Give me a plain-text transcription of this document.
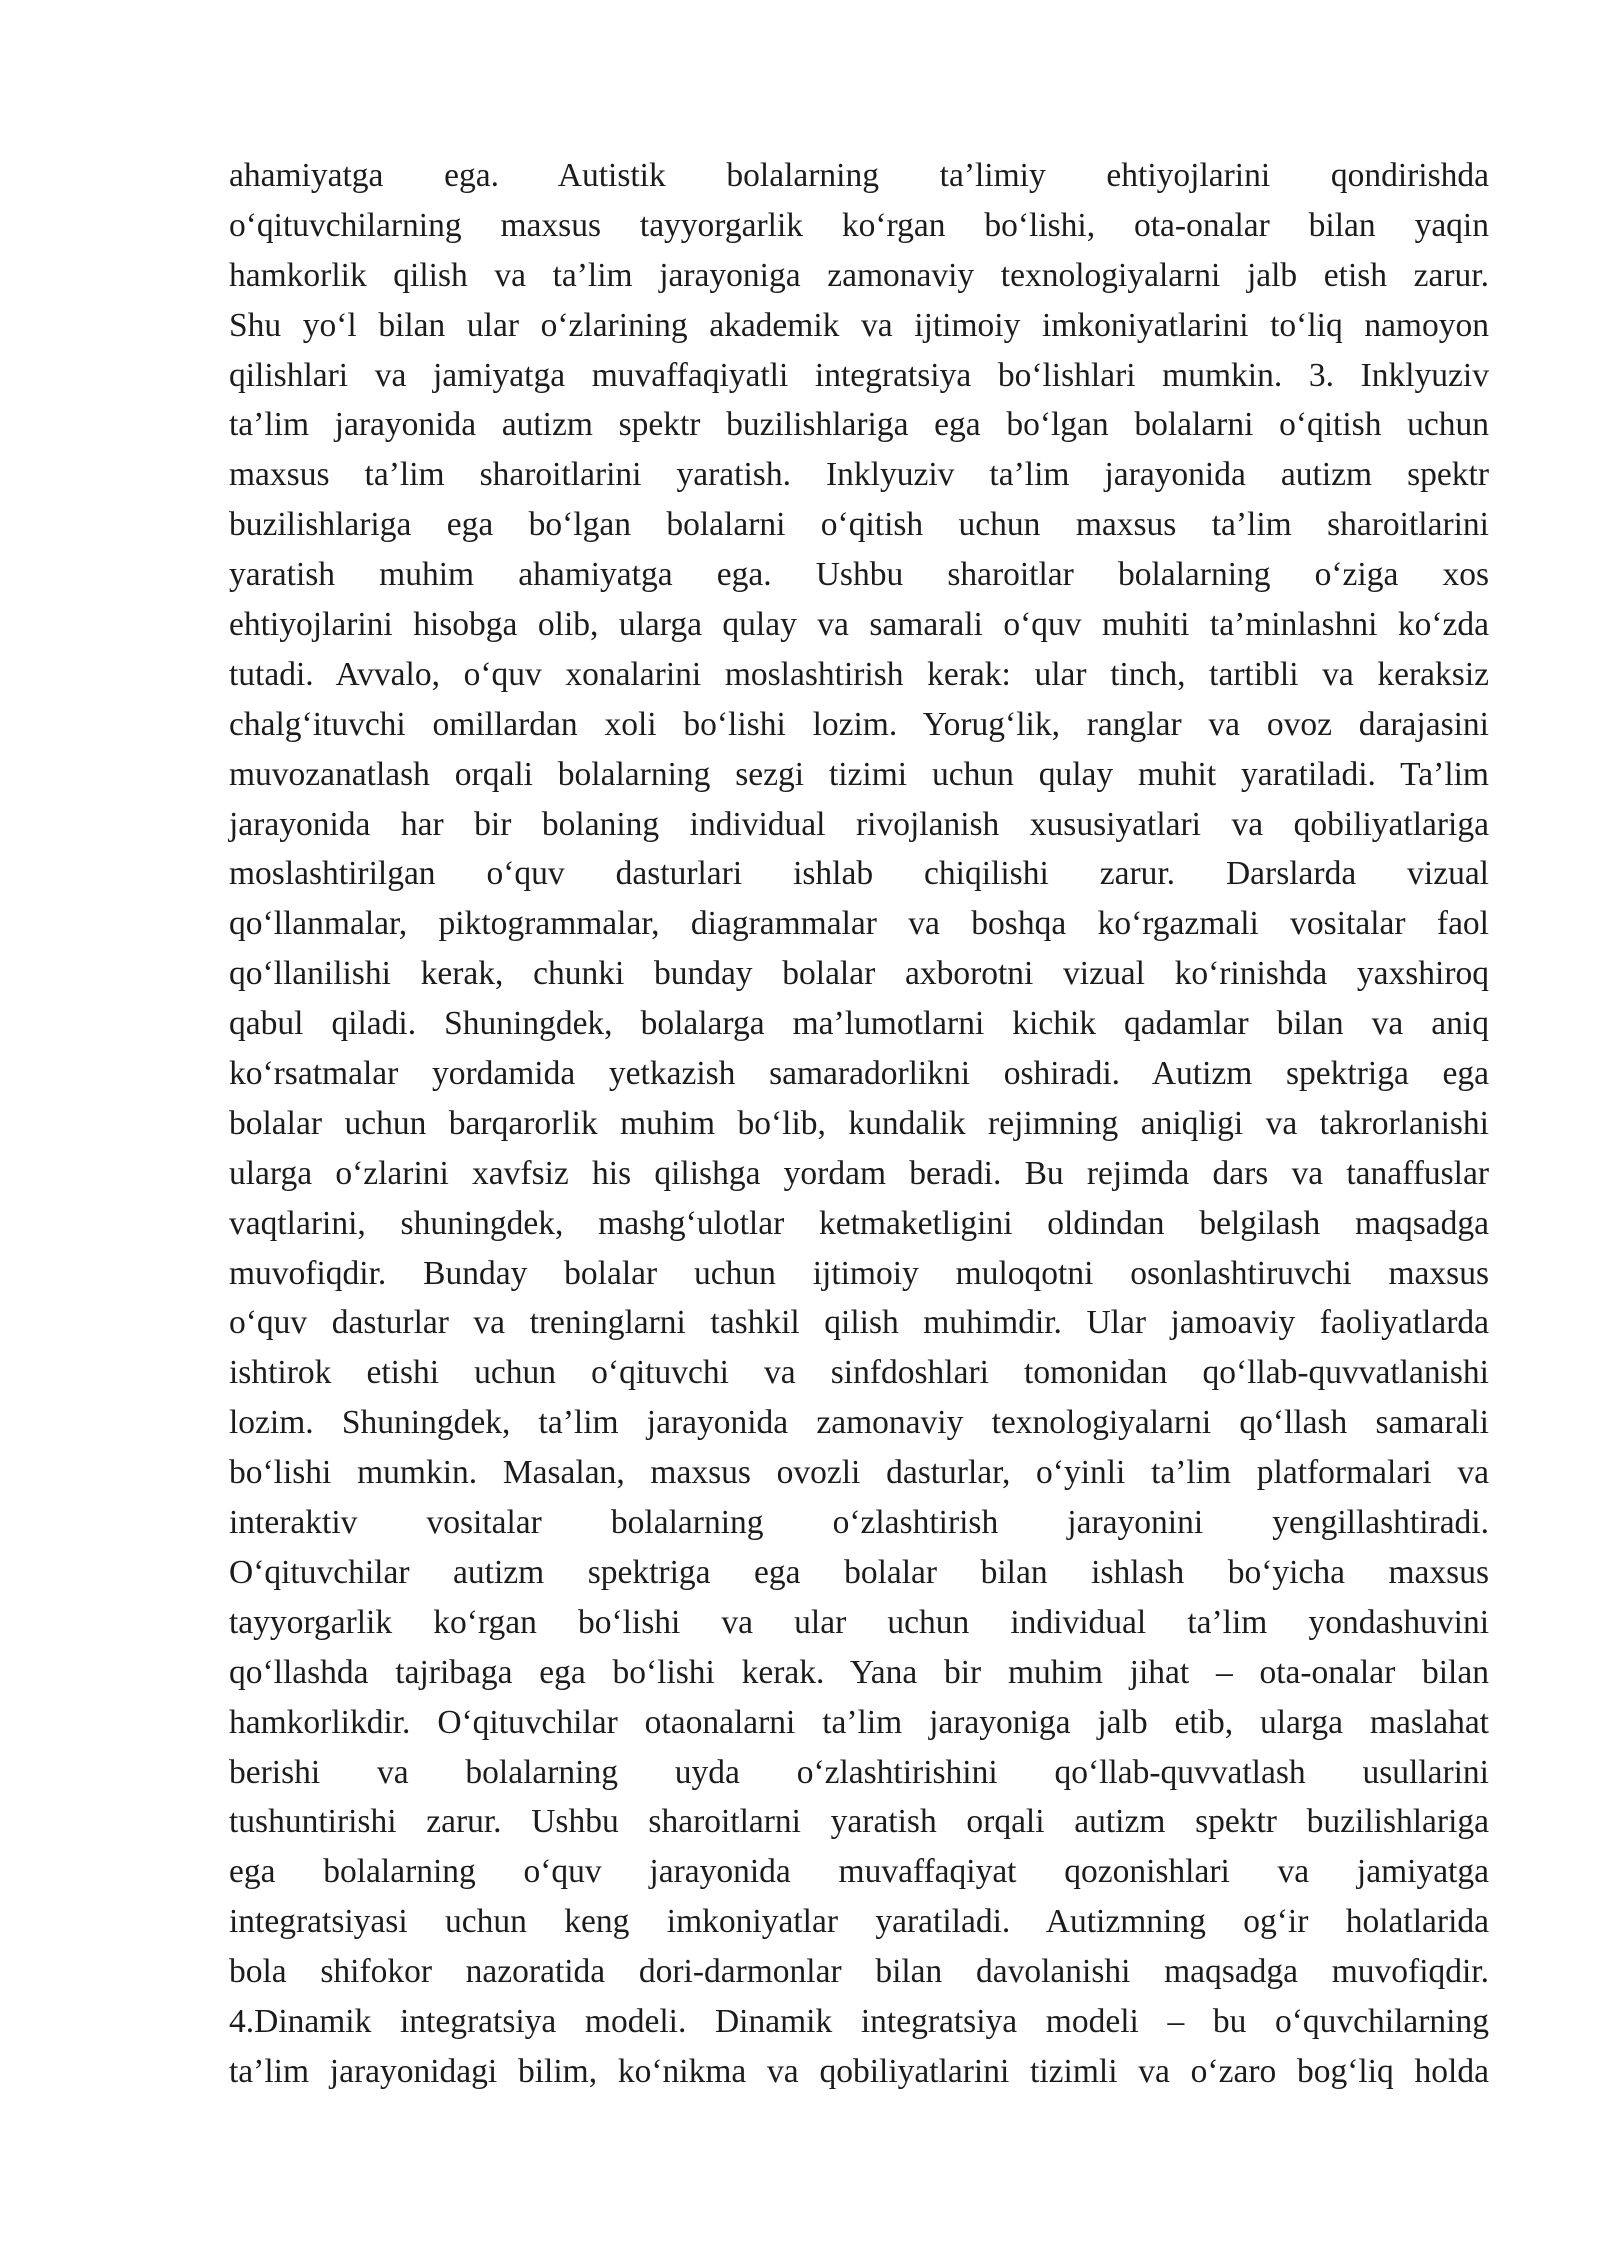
ahamiyatga ega. Autistik bolalarning ta’limiy ehtiyojlarini qondirishda
o‘qituvchilarning maxsus tayyorgarlik ko‘rgan bo‘lishi, ota-onalar bilan yaqin
hamkorlik qilish va ta’lim jarayoniga zamonaviy texnologiyalarni jalb etish zarur.
Shu yo‘l bilan ular o‘zlarining akademik va ijtimoiy imkoniyatlarini to‘liq namoyon
qilishlari va jamiyatga muvaffaqiyatli integratsiya bo‘lishlari mumkin. 3. Inklyuziv
ta’lim jarayonida autizm spektr buzilishlariga ega bo‘lgan bolalarni o‘qitish uchun
maxsus ta’lim sharoitlarini yaratish. Inklyuziv ta’lim jarayonida autizm spektr
buzilishlariga ega bo‘lgan bolalarni o‘qitish uchun maxsus ta’lim sharoitlarini
yaratish muhim ahamiyatga ega. Ushbu sharoitlar bolalarning o‘ziga xos
ehtiyojlarini hisobga olib, ularga qulay va samarali o‘quv muhiti ta’minlashni ko‘zda
tutadi. Avvalo, o‘quv xonalarini moslashtirish kerak: ular tinch, tartibli va keraksiz
chalg‘ituvchi omillardan xoli bo‘lishi lozim. Yorug‘lik, ranglar va ovoz darajasini
muvozanatlash orqali bolalarning sezgi tizimi uchun qulay muhit yaratiladi. Ta’lim
jarayonida har bir bolaning individual rivojlanish xususiyatlari va qobiliyatlariga
moslashtirilgan o‘quv dasturlari ishlab chiqilishi zarur. Darslarda vizual
qo‘llanmalar, piktogrammalar, diagrammalar va boshqa ko‘rgazmali vositalar faol
qo‘llanilishi kerak, chunki bunday bolalar axborotni vizual ko‘rinishda yaxshiroq
qabul qiladi. Shuningdek, bolalarga ma’lumotlarni kichik qadamlar bilan va aniq
ko‘rsatmalar yordamida yetkazish samaradorlikni oshiradi. Autizm spektriga ega
bolalar uchun barqarorlik muhim bo‘lib, kundalik rejimning aniqligi va takrorlanishi
ularga o‘zlarini xavfsiz his qilishga yordam beradi. Bu rejimda dars va tanaffuslar
vaqtlarini, shuningdek, mashg‘ulotlar ketmaketligini oldindan belgilash maqsadga
muvofiqdir. Bunday bolalar uchun ijtimoiy muloqotni osonlashtiruvchi maxsus
o‘quv dasturlar va treninglarni tashkil qilish muhimdir. Ular jamoaviy faoliyatlarda
ishtirok etishi uchun o‘qituvchi va sinfdoshlari tomonidan qo‘llab-quvvatlanishi
lozim. Shuningdek, ta’lim jarayonida zamonaviy texnologiyalarni qo‘llash samarali
bo‘lishi mumkin. Masalan, maxsus ovozli dasturlar, o‘yinli ta’lim platformalari va
interaktiv vositalar bolalarning o‘zlashtirish jarayonini yengillashtiradi.
O‘qituvchilar autizm spektriga ega bolalar bilan ishlash bo‘yicha maxsus
tayyorgarlik ko‘rgan bo‘lishi va ular uchun individual ta’lim yondashuvini
qo‘llashda tajribaga ega bo‘lishi kerak. Yana bir muhim jihat – ota-onalar bilan
hamkorlikdir. O‘qituvchilar otaonalarni ta’lim jarayoniga jalb etib, ularga maslahat
berishi va bolalarning uyda o‘zlashtirishini qo‘llab-quvvatlash usullarini
tushuntirishi zarur. Ushbu sharoitlarni yaratish orqali autizm spektr buzilishlariga
ega bolalarning o‘quv jarayonida muvaffaqiyat qozonishlari va jamiyatga
integratsiyasi uchun keng imkoniyatlar yaratiladi. Autizmning og‘ir holatlarida
bola shifokor nazoratida dori-darmonlar bilan davolanishi maqsadga muvofiqdir.
4.Dinamik integratsiya modeli. Dinamik integratsiya modeli – bu o‘quvchilarning
ta’lim jarayonidagi bilim, ko‘nikma va qobiliyatlarini tizimli va o‘zaro bog‘liq holda
